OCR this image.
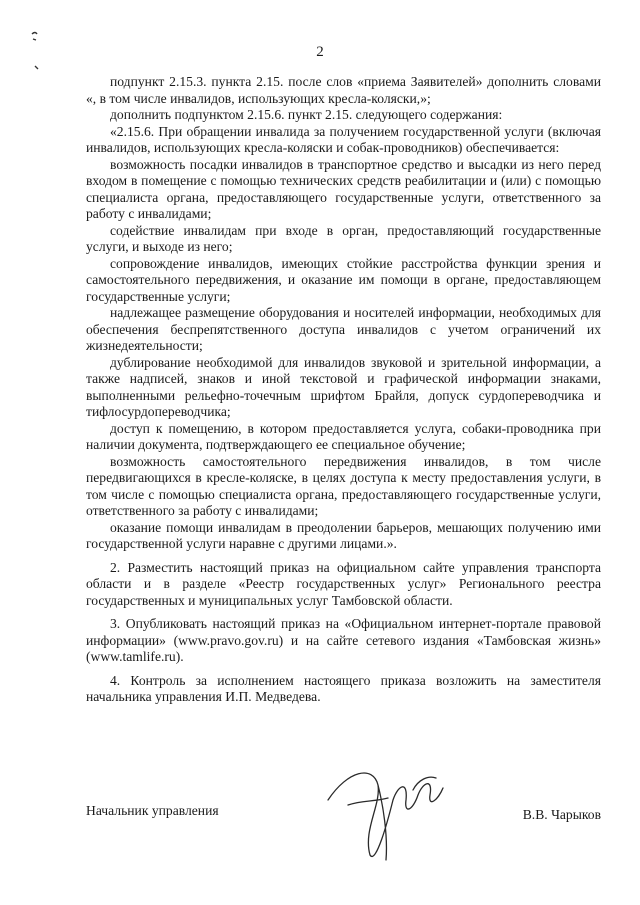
2

подпункт 2.15.3. пункта 2.15. после слов «приема Заявителей» дополнить словами «, в том числе инвалидов, использующих кресла-коляски,»;

дополнить подпунктом 2.15.6. пункт 2.15. следующего содержания:

«2.15.6. При обращении инвалида за получением государственной услуги (включая инвалидов, использующих кресла-коляски и собак-проводников) обеспечивается:

возможность посадки инвалидов в транспортное средство и высадки из него перед входом в помещение с помощью технических средств реабилитации и (или) с помощью специалиста органа, предоставляющего государственные услуги, ответственного за работу с инвалидами;

содействие инвалидам при входе в орган, предоставляющий государственные услуги, и выходе из него;

сопровождение инвалидов, имеющих стойкие расстройства функции зрения и самостоятельного передвижения, и оказание им помощи в органе, предоставляющем государственные услуги;

надлежащее размещение оборудования и носителей информации, необходимых для обеспечения беспрепятственного доступа инвалидов с учетом ограничений их жизнедеятельности;

дублирование необходимой для инвалидов звуковой и зрительной информации, а также надписей, знаков и иной текстовой и графической информации знаками, выполненными рельефно-точечным шрифтом Брайля, допуск сурдопереводчика и тифлосурдопереводчика;

доступ к помещению, в котором предоставляется услуга, собаки-проводника при наличии документа, подтверждающего ее специальное обучение;

возможность самостоятельного передвижения инвалидов, в том числе передвигающихся в кресле-коляске, в целях доступа к месту предоставления услуги, в том числе с помощью специалиста органа, предоставляющего государственные услуги, ответственного за работу с инвалидами;

оказание помощи инвалидам в преодолении барьеров, мешающих получению ими государственной услуги наравне с другими лицами.».

2. Разместить настоящий приказ на официальном сайте управления транспорта области и в разделе «Реестр государственных услуг» Регионального реестра государственных и муниципальных услуг Тамбовской области.

3. Опубликовать настоящий приказ на «Официальном интернет-портале правовой информации» (www.pravo.gov.ru) и на сайте сетевого издания «Тамбовская жизнь» (www.tamlife.ru).

4. Контроль за исполнением настоящего приказа возложить на заместителя начальника управления И.П. Медведева.

Начальник управления	В.В. Чарыков
